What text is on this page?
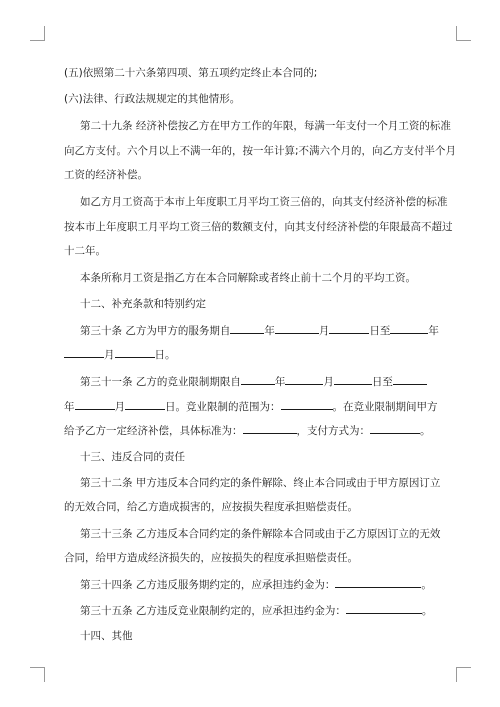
(五)依照第二十六条第四项、第五项约定终止本合同的;
(六)法律、行政法规规定的其他情形。
第二十九条 经济补偿按乙方在甲方工作的年限，每满一年支付一个月工资的标准
向乙方支付。六个月以上不满一年的，按一年计算;不满六个月的，向乙方支付半个月
工资的经济补偿。
如乙方月工资高于本市上年度职工月平均工资三倍的，向其支付经济补偿的标准
按本市上年度职工月平均工资三倍的数额支付，向其支付经济补偿的年限最高不超过
十二年。
本条所称月工资是指乙方在本合同解除或者终止前十二个月的平均工资。
十二、补充条款和特别约定
第三十条 乙方为甲方的服务期自	年	月	日至	年
月	日。
第三十一条 乙方的竞业限制期限自	年	月	日至
年	月	日。竞业限制的范围为：	。在竞业限制期间甲方
给予乙方一定经济补偿，具体标准为：	，支付方式为：	。
十三、违反合同的责任
第三十二条 甲方违反本合同约定的条件解除、终止本合同或由于甲方原因订立
的无效合同，给乙方造成损害的，应按损失程度承担赔偿责任。
第三十三条 乙方违反本合同约定的条件解除本合同或由于乙方原因订立的无效
合同，给甲方造成经济损失的，应按损失的程度承担赔偿责任。
第三十四条 乙方违反服务期约定的，应承担违约金为：	。
第三十五条 乙方违反竞业限制约定的，应承担违约金为：	。
十四、其他
